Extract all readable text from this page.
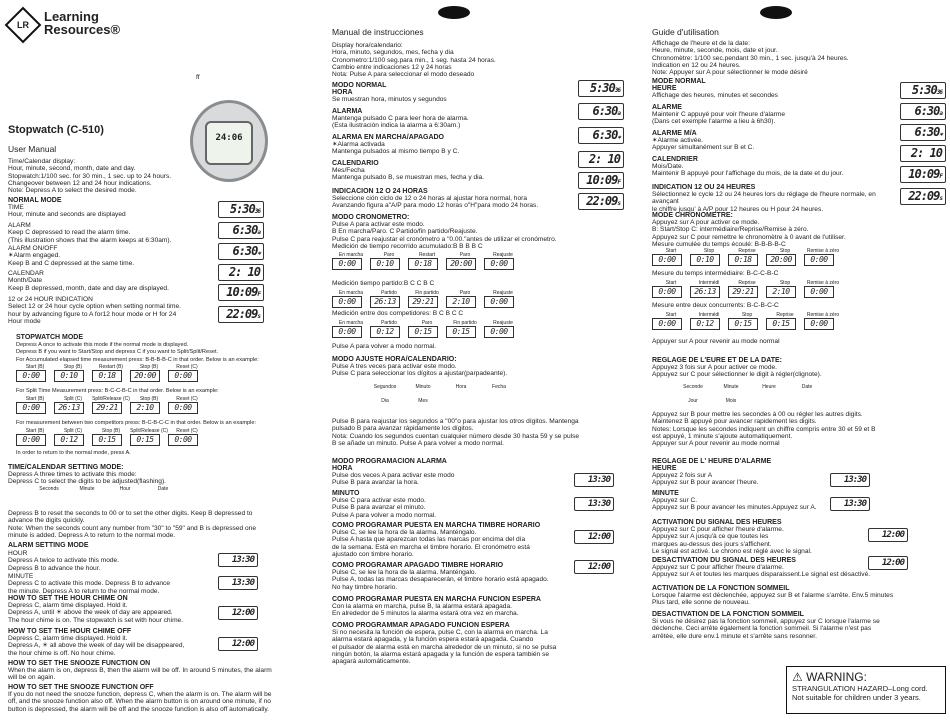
LR
Learning
Resources®
ff
24:06
Stopwatch (C-510)
User Manual
Time/Calendar display:
Hour, minute, second, month, date and day.
Stopwatch:1/100 sec. for 30 min., 1 sec. up to 24 hours.
Changeover between 12 and 24 hour indications.
Note: Depress A to select the desired mode.
NORMAL MODE
TIME
Hour, minute and seconds are displayed
ALARM
Keep C depressed to read the alarm time.
(This illustration shows that the alarm keeps at 6:30am).
ALARM ON/OFF
✶Alarm engaged.
Keep B and C depressed at the same time.
CALENDAR
Month/Date
Keep B depressed, month, date and day are displayed.
12 or 24 HOUR INDICATION
Select 12 or 24 hour cycle option when setting normal time.
hour by advancing figure to A for12 hour mode or H for 24
Hour mode
5:3036
6:30a
6:30✶
2: 10
10:09F
22:09s
STOPWATCH MODE
Depress A once to activate this mode if the normal mode is displayed.
Depress B if you want to Start/Stop and depress C if you want to Split/Split/Reset.
For Accumulated elapsed time measurement press: B-B-B-B-C in that order. Below is an example:
Start (B)	Stop (B)	Restart (B)	Stop (B)	Reset (C)
0:00	0:10	0:18 20:00 0:00
For Split Time Measurement press: B-C-C-B-C in that order. Below is an example:
Start (B)	Split (C) Split/Release (C) Stop (B)	Reset (C)
0:00 26:13 29:21 2:10	0:00
For measurement between two competitors press: B-C-B-C-C in that order. Below is an example:
Start (B)	Split (C)	Stop (B) Split/Release (C) Reset (C)
0:00	0:12	0:15	0:15	0:00
In order to return to the normal mode, press A.
TIME/CALENDAR SETTING MODE:
Depress A three times to activate this mode:
Depress C to select the digits to be adjusted(flashing).
Seconds	Minute	Hour	Date
Depress B to reset the seconds to 00 or to set the other digits. Keep B depressed to
advance the digits quickly.
Note: When the seconds count any number from "30" to "59" and B is depressed one
minute is added. Depress A to return to the normal mode.
ALARM SETTING MODE
HOUR
Depress A twice to activate this mode.
Depress B to advance the hour.
MINUTE
Depress C to activate this mode. Depress B to advance
the minute. Depress A to return to the normal mode.
13:30
13:30
HOW TO SET THE HOUR CHIME ON
Depress C, alarm time displayed. Hold it.
Depress A, until ☀ above the week of day are appeared.
The hour chime is on. The stopwatch is set with hour chime.
12:00
HOW TO SET THE HOUR CHIME OFF
Depress C, alarm time displayed. Hold it.
Depress A, ☀ all above the week of day will be disappeared,
the hour chime is off. No hour chime.
12:00
HOW TO SET THE SNOOZE FUNCTION ON
When the alarm is on, depress B, then the alarm will be off. In around 5 minutes, the alarm
will be on again.
HOW TO SET THE SNOOZE FUNCTION OFF
If you do not need the snooze function, depress C, when the alarm is on. The alarm will be
off, and the snooze function also off. When the alarm button is on around one minute, if no
button is depressed, the alarm will be off and the snooze function is also off automatically.
Manual de instrucciones
Display hora/calendario:
Hora, minuto, segundos, mes, fecha y dia
Cronometro:1/100 seg.para min., 1 seg. hasta 24 horas.
Cambio entre indicaciones 12 y 24 horas
Nota: Pulse A para seleccionar el modo deseado
MODO NORMAL
HORA
Se muestran hora, minutos y segundos
ALARMA
Mantenga pulsado C para leer hora de alarma.
(Esta ilustración indica la alarma a 6:30am.)
ALARMA EN MARCHA/APAGADO
✶Alarma activada
Mantenga pulsados al mismo tiempo B y C.
CALENDARIO
Mes/Fecha
Mantenga pulsado B, se muestran mes, fecha y dia.
INDICACION 12 O 24 HORAS
Seleccione ción ciclo de 12 o 24 horas al ajustar hora normal, hora
Avanzando figura a"A/P para modo 12 horas o"H"para modo 24 horas.
6:30✶
6:30a
5:3036
2: 10
10:09F
22:09s
MODO CRONOMETRO:
Pulse A para activar este modo.
B En marcha/Paro. C Partido/fin partido/Reajuste.
Pulse C para reajustar el cronómetro a "0.00."antes de utilizar el cronómetro.
Medición de tiempo recorrido acumulado:B B B B C
En marcha	Paro	Restart	Paro	Reajuste
0:00	0:10	0:18 20:00 0:00
Medición tiempo partido:B C C B C
En marcha	Partido	Fin partido	Paro	Reajuste
0:00 26:13 29:21 2:10	0:00
Medición entre dos competidores: B C B C C
En marcha	Partido	Paro	Fin partido	Reajuste
0:00	0:12	0:15	0:15	0:00
Pulse A para volver a modo normal.
MODO AJUSTE HORA/CALENDARIO:
Pulse A tres veces para activar este modo.
Pulse C para seleccionar los dígitos a ajustar(parpadeante).
Segundos	Minuto	Hora	Fecha
Dia	Mes
Pulse B para reajustar los segundos a "00"o para ajustar los otros dígitos. Mantenga
pulsado B para avanzar rápidamente los dígitos.
Nota: Cuando los segundos cuentan cualquier número desde 30 hasta 59 y se pulse
B se añade un minuto. Pulse A para volver a modo normal.
MODO PROGRAMACION ALARMA
HORA
Pulse dos veces A para activar este modo
Pulse B para avanzar la hora.	13:30
MINUTO
Pulse C para activar este modo.
Pulse B para avanzar el minuto.
Pulse A para volver a modo normal.
13:30
COMO PROGRAMAR PUESTA EN MARCHA TIMBRE HORARIO
Pulse C, se lee la hora de la alarma. Manténgalo.
Pulse A hasta que aparezcan todas las marcas por encima del día
de la semana. Está en marcha el timbre horario. El cronómetro está
ajustado con timbre horario.
12:00
COMO PROGRAMAR APAGADO TIMBRE HORARIO
Pulse C, se lee la hora de la alarma. Manténgalo.
Pulse A, todas las marcas desaparecerán, el timbre horario está apagado.
No hay timbre horario.
12:00
COMO PROGRAMAR PUESTA EN MARCHA FUNCION ESPERA
Con la alarma en marcha, pulse B, la alarma estará apagada.
En alrededor de 5 minutos la alarma estará otra vez en marcha.
COMO PROGRAMMAR APAGADO FUNCION ESPERA
Si no necesita la función de espera, pulse C, con la alarma en marcha. La
alarma estará apagada, y la función espera estará apagada. Cuando
el pulsador de alarma está en marcha alrededor de un minuto, si no se pulsa
ningún botón, la alarma estará apagada y la función de espera también se
apagará automáticamente.
Guide d'utilisation
Affichage de l'heure et de la date:
Heure, minute, seconde, mois, date et jour.
Chronomètre: 1/100 sec.pendant 30 min., 1 sec. jusqu'à 24 heures.
Indication en 12 ou 24 heures.
Note: Appuyer sur A pour sélectionner le mode désiré
MODE NORMAL
HEURE
Affichage des heures, minutes et secondes
ALARME
Maintenir C appuyé pour voir l'heure d'alarme
(Dans cet exemple l'alarme a lieu à 6h30).
ALARME M/A
✶Alarme activée.
Appuyer simultanément sur B et C.
CALENDRIER
Mois/Date.
Maintenir B appuyé pour l'affichage du mois, de la date et du jour.
INDICATION 12 OU 24 HEURES
Sélectionnez le cycle 12 ou 24 heures lors du réglage de l'heure normale, en avançant
le chiffre jusqu' à A/P pour 12 heures ou H pour 24 heures.
5:3036
6:30a
6:30✶
2: 10
10:09F
22:09s
MODE CHRONOMETRE:
Appuyez sur A pour activer ce mode.
B: Start/Stop C: intermédiaire/Reprise/Remise à zéro.
Appuyez sur C pour remettre le chronomètre à 0 avant de l'utiliser.
Mesure cumulée du temps écoulé: B-B-B-B-C
Start	Stop	Reprise	Stop	Remise à zéro
0:00	0:10	0:18 20:00 0:00
Mesure du temps intermédiaire: B-C-C-B-C
Start	Intermédi	Reprise	Stop	Remise à zéro
0:00 26:13 29:21 2:10	0:00
Mesure entre deux concurrents: B-C-B-C-C
Start	Intermédi	Stop	Reprise	Remise à zéro
0:00	0:12	0:15	0:15	0:00
Appuyer sur A pour revenir au mode normal
REGLAGE DE L'EURE ET DE LA DATE:
Appuyez 3 fois sur A pour activer ce mode.
Appuyez sur C pour sélectionner le digit à régler(clignote).
Seconde	Minute	Heure	Date
Jour	Mois
Appuyez sur B pour mettre les secondes à 00 ou régler les autres digits.
Maintenez B appuyé pour avancer rapidement les digits.
Notes: Lorsque les secondes indiquent un chiffre compris entre 30 et 59 et B
est appuyé, 1 minute s'ajoute automatiquement.
Appuyer sur A pour revenir au mode normal
REGLAGE DE L' HEURE D'ALARME
HEURE
Appuyez 2 fois sur A
Appuyez sur B pour avancer l'heure.	13:30
MINUTE
Appuyez sur C.
Appuyez sur B pour avancer les minutes.Appuyez sur A.	13:30
ACTIVATION DU SIGNAL DES HEURES
Appuyez sur C pour afficher l'heure d'alarme.
Appuyez sur A jusqu'à ce que toutes les
marques au-dessus des jours s'affichent.
Le signal est activé. Le chrono est réglé avec le signal.
12:00
DESACTIVATION DU SIGNAL DES HEURES
Appuyez sur C pour afficher l'heure d'alarme.
Appuyez sur A et toutes les marques disparaissent.Le signal est désactivé.
12:00
ACTIVATION DE LA FONCTION SOMMEIL
Lorsque l'alarme est déclenchée, appuyez sur B et l'alarme s'arrête. Env.5 minutes
Plus tard, elle sonne de nouveau.
DESACTIVATION DE LA FONCTION SOMMEIL
Si vous ne désirez pas la fonction sommeil, appuyez sur C lorsque l'alarme se
déclenche. Ceci arrête également la fonction sommeil. Si l'alarme n'est pas
arrêtée, elle dure env.1 minute et s'arrête sans resonner.
⚠ WARNING:
STRANGULATION HAZARD–Long cord.
Not suitable for children under 3 years.
